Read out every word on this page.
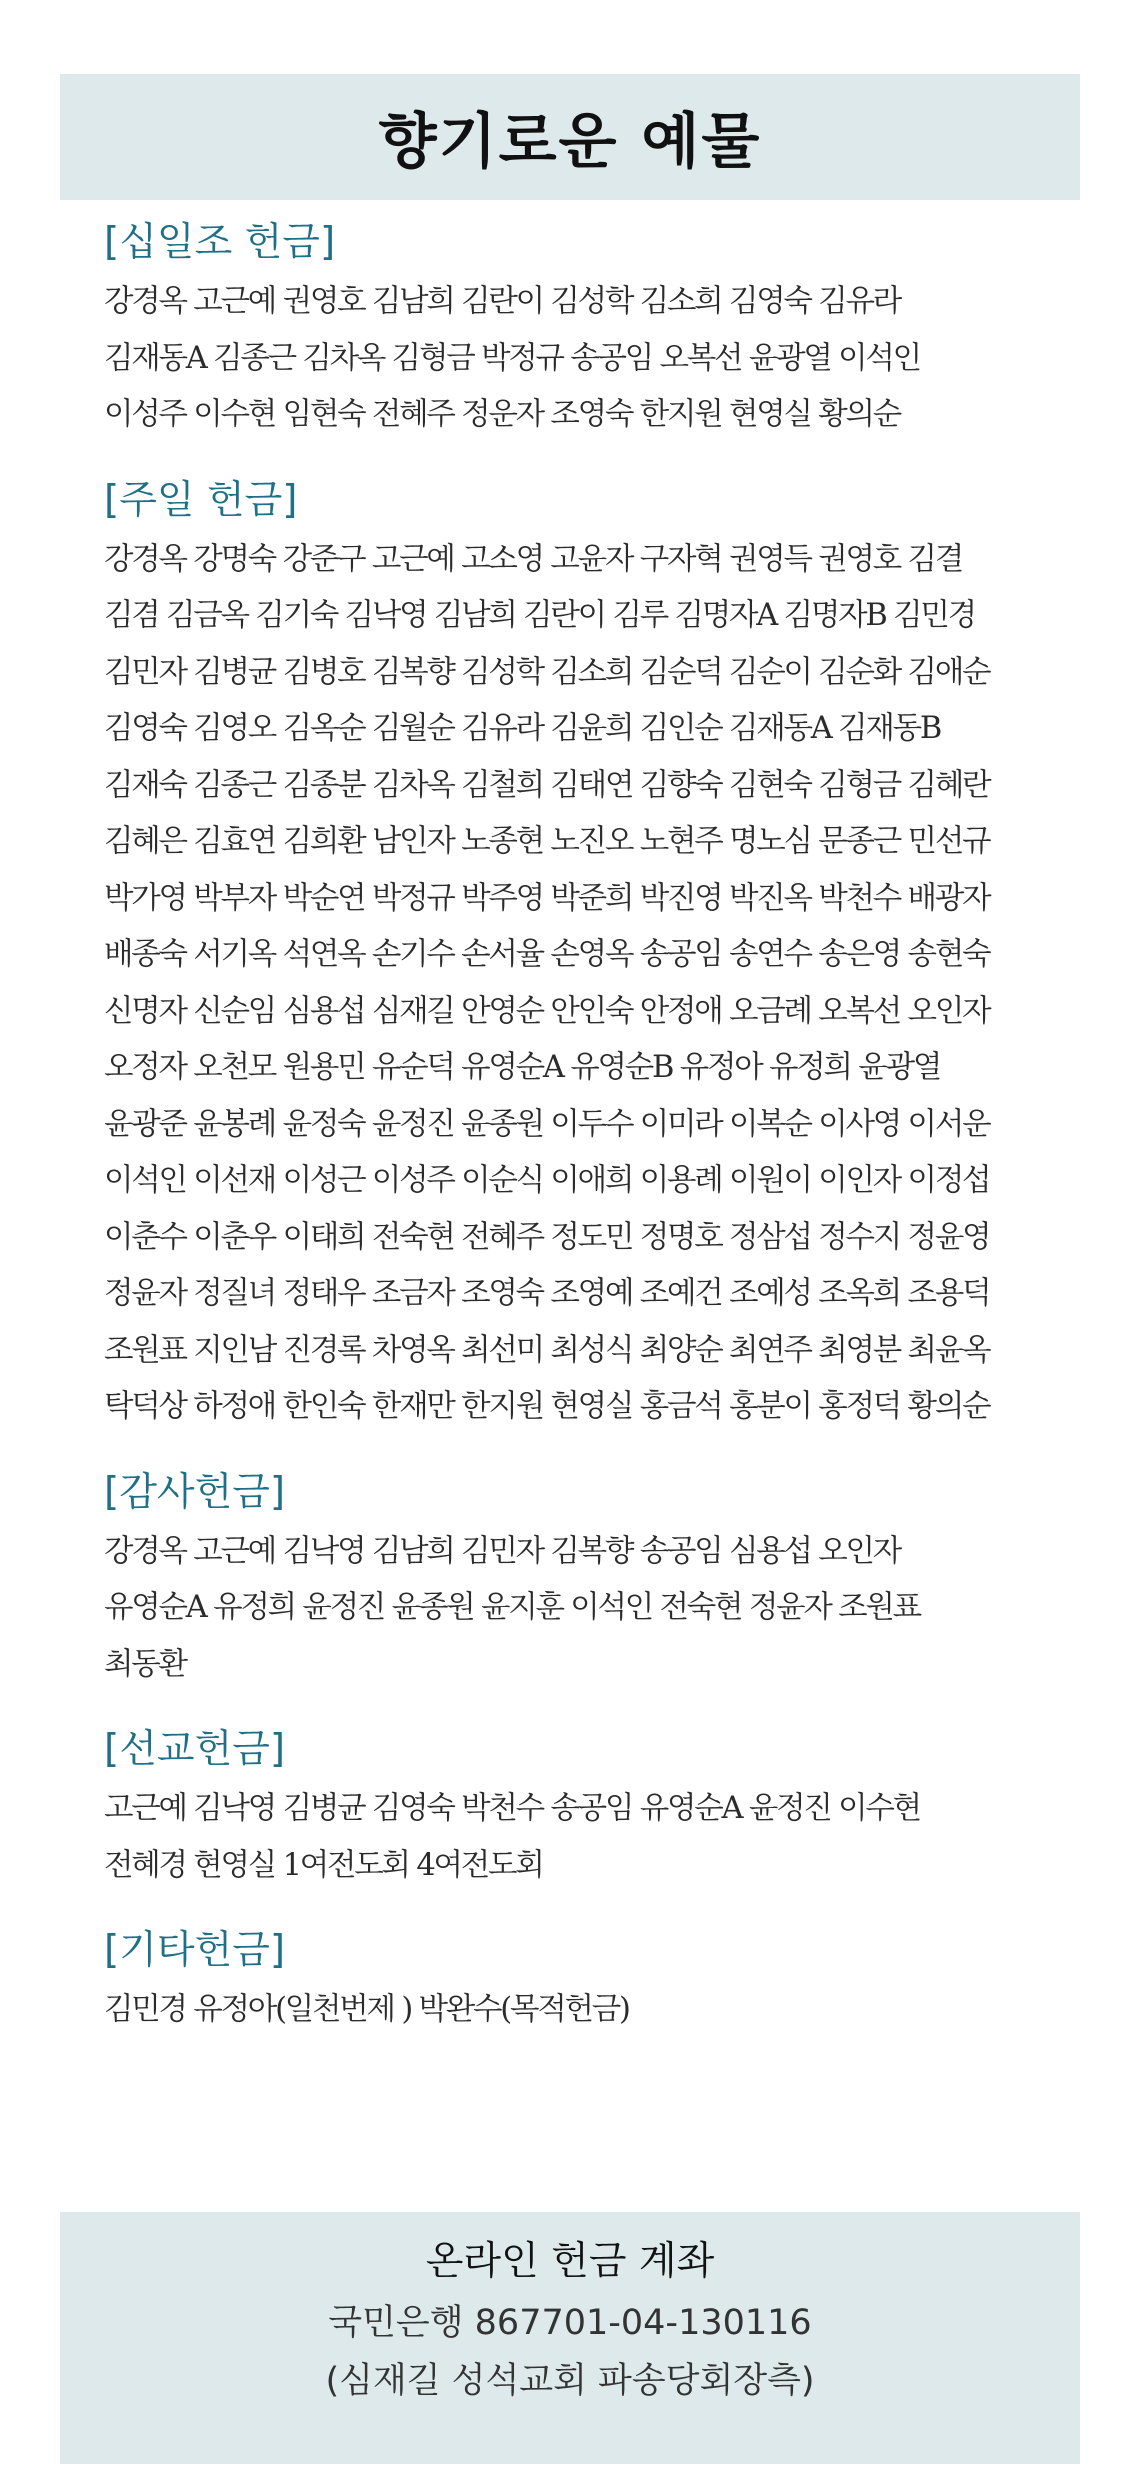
향기로운 예물
[십일조 헌금]
강경옥 고근예 권영호 김남희 김란이 김성학 김소희 김영숙 김유라
김재동A 김종근 김차옥 김형금 박정규 송공임 오복선 윤광열 이석인
이성주 이수현 임현숙 전혜주 정운자 조영숙 한지원 현영실 황의순
[주일 헌금]
강경옥 강명숙 강준구 고근예 고소영 고윤자 구자혁 권영득 권영호 김결
김겸 김금옥 김기숙 김낙영 김남희 김란이 김루 김명자A 김명자B 김민경
김민자 김병균 김병호 김복향 김성학 김소희 김순덕 김순이 김순화 김애순
김영숙 김영오 김옥순 김월순 김유라 김윤희 김인순 김재동A 김재동B
김재숙 김종근 김종분 김차옥 김철희 김태연 김향숙 김현숙 김형금 김혜란
김혜은 김효연 김희환 남인자 노종현 노진오 노현주 명노심 문종근 민선규
박가영 박부자 박순연 박정규 박주영 박준희 박진영 박진옥 박천수 배광자
배종숙 서기옥 석연옥 손기수 손서율 손영옥 송공임 송연수 송은영 송현숙
신명자 신순임 심용섭 심재길 안영순 안인숙 안정애 오금례 오복선 오인자
오정자 오천모 원용민 유순덕 유영순A 유영순B 유정아 유정희 윤광열
윤광준 윤봉례 윤정숙 윤정진 윤종원 이두수 이미라 이복순 이사영 이서운
이석인 이선재 이성근 이성주 이순식 이애희 이용례 이원이 이인자 이정섭
이춘수 이춘우 이태희 전숙현 전혜주 정도민 정명호 정삼섭 정수지 정윤영
정윤자 정질녀 정태우 조금자 조영숙 조영예 조예건 조예성 조옥희 조용덕
조원표 지인남 진경록 차영옥 최선미 최성식 최양순 최연주 최영분 최윤옥
탁덕상 하정애 한인숙 한재만 한지원 현영실 홍금석 홍분이 홍정덕 황의순
[감사헌금]
강경옥 고근예 김낙영 김남희 김민자 김복향 송공임 심용섭 오인자
유영순A 유정희 윤정진 윤종원 윤지훈 이석인 전숙현 정윤자 조원표
최동환
[선교헌금]
고근예 김낙영 김병균 김영숙 박천수 송공임 유영순A 윤정진 이수현
전혜경 현영실 1여전도회 4여전도회
[기타헌금]
김민경 유정아(일천번제 ) 박완수(목적헌금)
온라인 헌금 계좌
국민은행 867701-04-130116
(심재길 성석교회 파송당회장측)
